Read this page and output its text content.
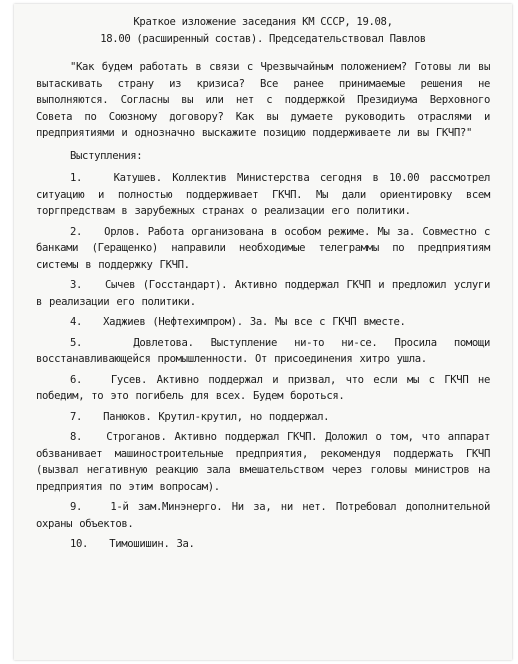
Краткое изложение заседания КМ СССР, 19.08,
18.00 (расширенный состав). Председательствовал Павлов

"Как будем работать в связи с Чрезвычайным положением? Готовы ли вы вытаскивать страну из кризиса? Все ранее принимаемые решения не выполняются. Согласны вы или нет с поддержкой Президиума Верховного Совета по Союзному договору? Как вы думаете руководить отраслями и предприятиями и однозначно выскажите позицию поддерживаете ли вы ГКЧП?"

Выступления:

1.	Катушев. Коллектив Министерства сегодня в 10.00 рассмотрел ситуацию и полностью поддерживает ГКЧП. Мы дали ориентировку всем торгпредствам в зарубежных странах о реализации его политики.

2. Орлов. Работа организована в особом режиме. Мы за. Совместно с банками (Геращенко) направили необходимые телеграммы по предприятиям системы в поддержку ГКЧП.

3. Сычев (Госстандарт). Активно поддержал ГКЧП и предложил услуги в реализации его политики.

4. Хаджиев (Нефтехимпром). За. Мы все с ГКЧП вместе.

5.	Довлетова. Выступление ни-то ни-се. Просила помощи восстанавливающейся промышленности. От присоединения хитро ушла.

6.	Гусев. Активно поддержал и призвал, что если мы с ГКЧП не победим, то это погибель для всех. Будем бороться.

7. Панюков. Крутил-крутил, но поддержал.

8. Строганов. Активно поддержал ГКЧП. Доложил о том, что аппарат обзванивает машиностроительные предприятия, рекомендуя поддержать ГКЧП (вызвал негативную реакцию зала вмешательством через головы министров на предприятия по этим вопросам).

9.	1-й зам.Минэнерго. Ни за, ни нет. Потребовал дополнительной охраны объектов.

10. Тимошишин. За.
